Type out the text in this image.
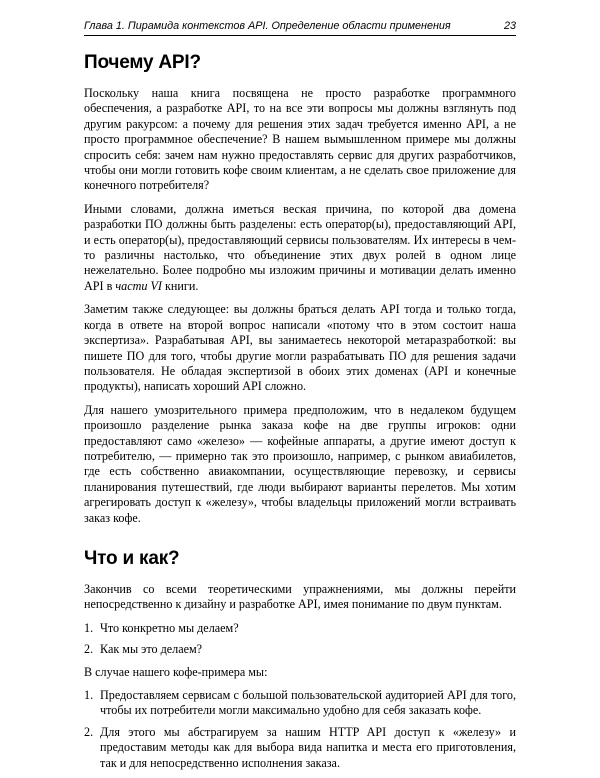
Глава 1. Пирамида контекстов API. Определение области применения	23
Почему API?

Поскольку наша книга посвящена не просто разработке программного обеспечения, а разработке API, то на все эти вопросы мы должны взглянуть под другим ракурсом: а почему для решения этих задач требуется именно API, а не просто программное обеспечение? В нашем вымышленном примере мы должны спросить себя: зачем нам нужно предоставлять сервис для других разработчиков, чтобы они могли готовить кофе своим клиентам, а не сделать свое приложение для конечного потребителя?

Иными словами, должна иметься веская причина, по которой два домена разработки ПО должны быть разделены: есть оператор(ы), предоставляющий API, и есть оператор(ы), предоставляющий сервисы пользователям. Их интересы в чем-то различны настолько, что объединение этих двух ролей в одном лице нежелательно. Более подробно мы изложим причины и мотивации делать именно API в части VI книги.

Заметим также следующее: вы должны браться делать API тогда и только тогда, когда в ответе на второй вопрос написали «потому что в этом состоит наша экспертиза». Разрабатывая API, вы занимаетесь некоторой метаразработкой: вы пишете ПО для того, чтобы другие могли разрабатывать ПО для решения задачи пользователя. Не обладая экспертизой в обоих этих доменах (API и конечные продукты), написать хороший API сложно.

Для нашего умозрительного примера предположим, что в недалеком будущем произошло разделение рынка заказа кофе на две группы игроков: одни предоставляют само «железо» — кофейные аппараты, а другие имеют доступ к потребителю, — примерно так это произошло, например, с рынком авиабилетов, где есть собственно авиакомпании, осуществляющие перевозку, и сервисы планирования путешествий, где люди выбирают варианты перелетов. Мы хотим агрегировать доступ к «железу», чтобы владельцы приложений могли встраивать заказ кофе.

Что и как?

Закончив со всеми теоретическими упражнениями, мы должны перейти непосредственно к дизайну и разработке API, имея понимание по двум пунктам.

1. Что конкретно мы делаем?
2. Как мы это делаем?

В случае нашего кофе-примера мы:

1. Предоставляем сервисам с большой пользовательской аудиторией API для того, чтобы их потребители могли максимально удобно для себя заказать кофе.
2. Для этого мы абстрагируем за нашим HTTP API доступ к «железу» и предоставим методы как для выбора вида напитка и места его приготовления, так и для непосредственно исполнения заказа.
